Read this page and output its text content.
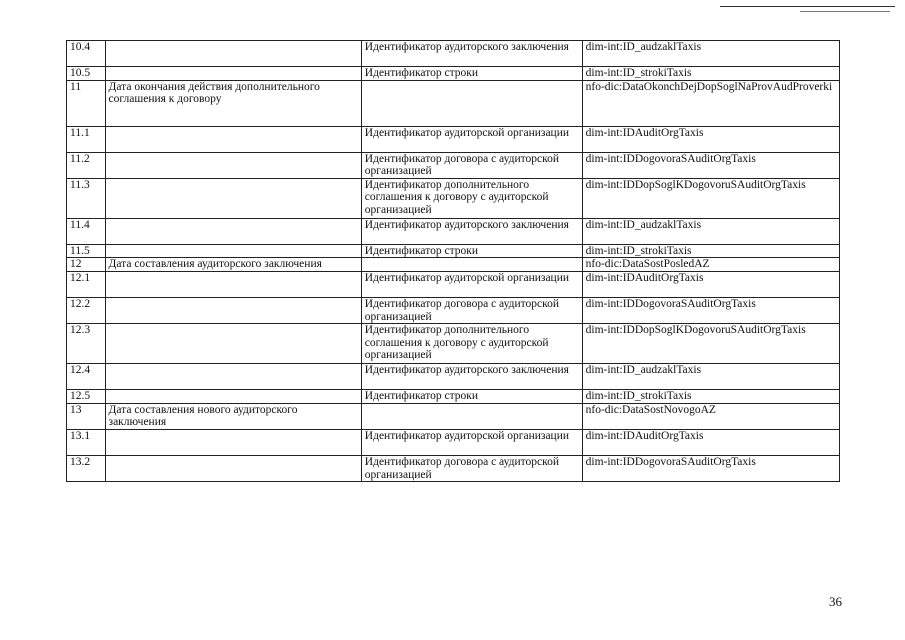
10.4		Идентификатор аудиторского заключения	dim-int:ID_audzaklTaxis
10.5		Идентификатор строки	dim-int:ID_strokiTaxis
11	Дата окончания действия дополнительного соглашения к договору		nfo-dic:DataOkonchDejDopSoglNaProvAudProverki
11.1		Идентификатор аудиторской организации	dim-int:IDAuditOrgTaxis
11.2		Идентификатор договора с аудиторской организацией	dim-int:IDDogovoraSAuditOrgTaxis
11.3		Идентификатор дополнительного соглашения к договору с аудиторской организацией	dim-int:IDDopSoglKDogovoruSAuditOrgTaxis
11.4		Идентификатор аудиторского заключения	dim-int:ID_audzaklTaxis
11.5		Идентификатор строки	dim-int:ID_strokiTaxis
12	Дата составления аудиторского заключения		nfo-dic:DataSostPosledAZ
12.1		Идентификатор аудиторской организации	dim-int:IDAuditOrgTaxis
12.2		Идентификатор договора с аудиторской организацией	dim-int:IDDogovoraSAuditOrgTaxis
12.3		Идентификатор дополнительного соглашения к договору с аудиторской организацией	dim-int:IDDopSoglKDogovoruSAuditOrgTaxis
12.4		Идентификатор аудиторского заключения	dim-int:ID_audzaklTaxis
12.5		Идентификатор строки	dim-int:ID_strokiTaxis
13	Дата составления нового аудиторского заключения		nfo-dic:DataSostNovogoAZ
13.1		Идентификатор аудиторской организации	dim-int:IDAuditOrgTaxis
13.2		Идентификатор договора с аудиторской организацией	dim-int:IDDogovoraSAuditOrgTaxis
36
